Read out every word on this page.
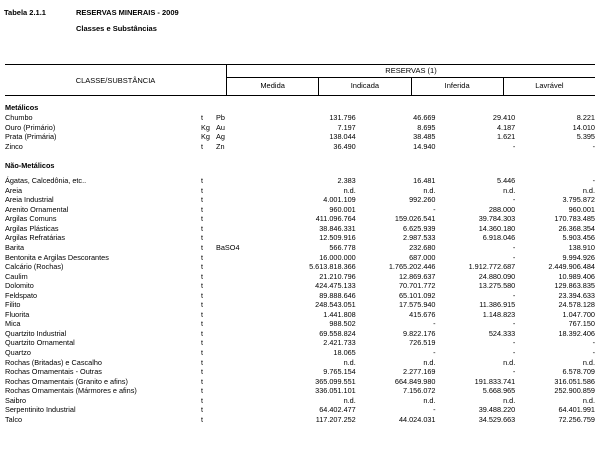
Tabela 2.1.1	RESERVAS MINERAIS - 2009
Classes e Substâncias
CLASSE/SUBSTÂNCIA
RESERVAS (1)
Medida	Indicada	Inferida	Lavrável
Metálicos
Chumbo	t	Pb	131.796	46.669	29.410	8.221
Ouro (Primário)	Kg Au	7.197	8.695	4.187	14.010
Prata (Primária)	Kg Ag	138.044	38.485	1.621	5.395
Zinco	t	Zn	36.490	14.940	-	-
Não-Metálicos
Ágatas, Calcedônia, etc..	t	2.383	16.481	5.446	-
Areia	t	n.d.	n.d.	n.d.	n.d.
Areia Industrial	t	4.001.109	992.260	-	3.795.872
Arenito Ornamental	t	960.001	-	288.000	960.001
Argilas Comuns	t	411.096.764	159.026.541	39.784.303	170.783.485
Argilas Plásticas	t	38.846.331	6.625.939	14.360.180	26.368.354
Argilas Refratárias	t	12.509.916	2.987.533	6.918.046	5.903.456
Barita	t	BaSO4	566.778	232.680	-	138.910
Bentonita e Argilas Descorantes	t	16.000.000	687.000	-	9.994.926
Calcário (Rochas)	t	5.613.818.366	1.765.202.446	1.912.772.687	2.449.906.484
Caulim	t	21.210.796	12.869.637	24.880.090	10.989.406
Dolomito	t	424.475.133	70.701.772	13.275.580	129.863.835
Feldspato	t	89.888.646	65.101.092	-	23.394.633
Filito	t	248.543.051	17.575.940	11.386.915	24.578.128
Fluorita	t	1.441.808	415.676	1.148.823	1.047.700
Mica	t	988.502	-	-	767.150
Quartzito Industrial	t	69.558.824	9.822.176	524.333	18.392.406
Quartzito Ornamental	t	2.421.733	726.519	-	-
Quartzo	t	18.065	-	-	-
Rochas (Britadas) e Cascalho	t	n.d.	n.d.	n.d.	n.d.
Rochas Ornamentais - Outras	t	9.765.154	2.277.169	-	6.578.709
Rochas Ornamentais (Granito e afins)	t	365.099.551	664.849.980	191.833.741	316.051.586
Rochas Ornamentais (Mármores e afins)	t	336.051.101	7.156.072	5.668.965	252.900.859
Saibro	t	n.d.	n.d.	n.d.	n.d.
Serpentinito Industrial	t	64.402.477	-	39.488.220	64.401.991
Talco	t	117.207.252	44.024.031	34.529.663	72.256.759
